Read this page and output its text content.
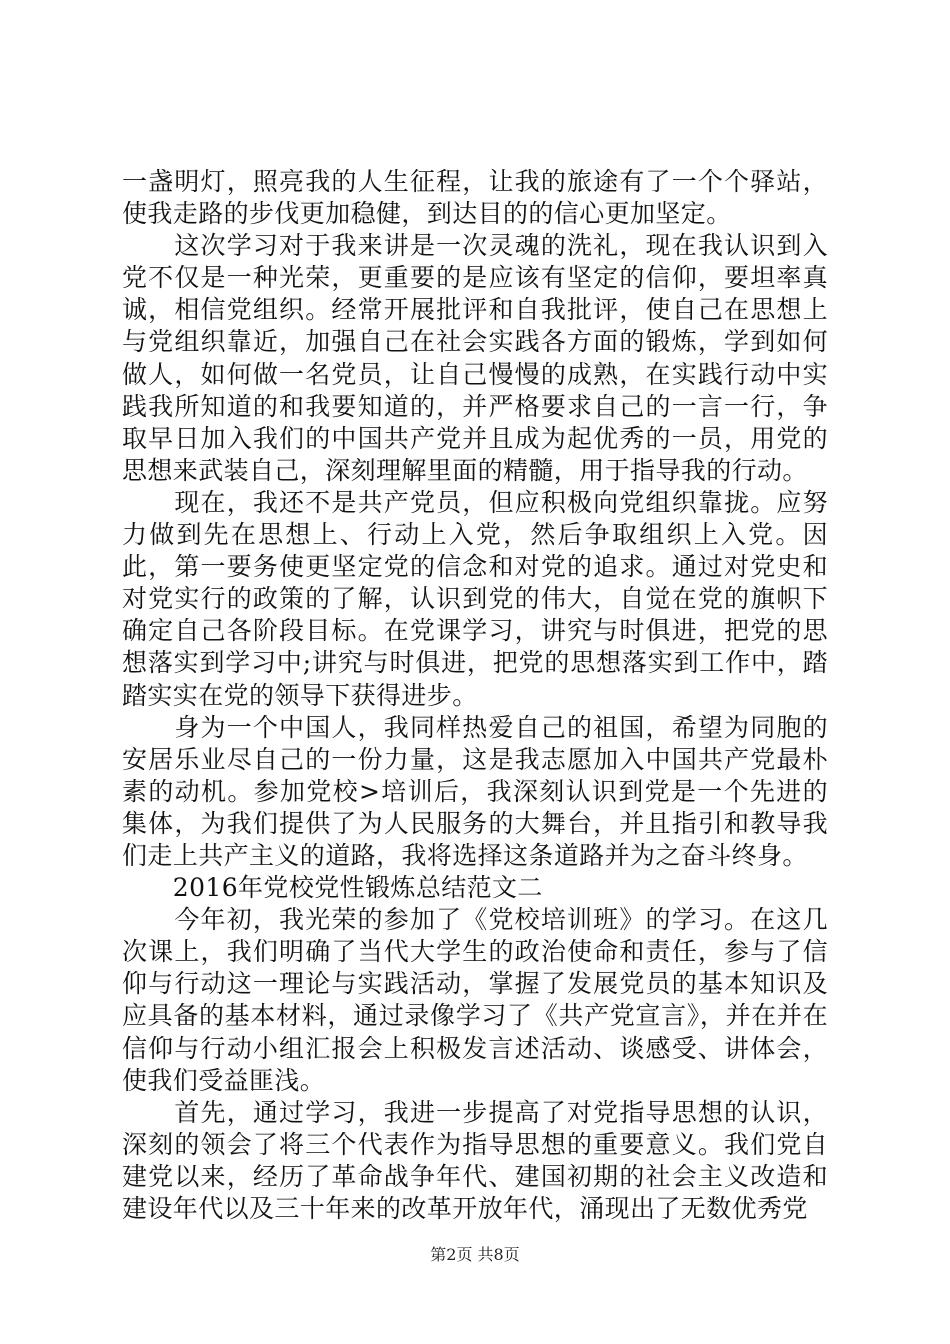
一盏明灯，照亮我的人生征程，让我的旅途有了一个个驿站，使我走路的步伐更加稳健，到达目的的信心更加坚定。

　　这次学习对于我来讲是一次灵魂的洗礼，现在我认识到入党不仅是一种光荣，更重要的是应该有坚定的信仰，要坦率真诚，相信党组织。经常开展批评和自我批评，使自己在思想上与党组织靠近，加强自己在社会实践各方面的锻炼，学到如何做人，如何做一名党员，让自己慢慢的成熟，在实践行动中实践我所知道的和我要知道的，并严格要求自己的一言一行，争取早日加入我们的中国共产党并且成为起优秀的一员，用党的思想来武装自己，深刻理解里面的精髓，用于指导我的行动。

　　现在，我还不是共产党员，但应积极向党组织靠拢。应努力做到先在思想上、行动上入党，然后争取组织上入党。因此，第一要务使更坚定党的信念和对党的追求。通过对党史和对党实行的政策的了解，认识到党的伟大，自觉在党的旗帜下确定自己各阶段目标。在党课学习，讲究与时俱进，把党的思想落实到学习中;讲究与时俱进，把党的思想落实到工作中，踏踏实实在党的领导下获得进步。

　　身为一个中国人，我同样热爱自己的祖国，希望为同胞的安居乐业尽自己的一份力量，这是我志愿加入中国共产党最朴素的动机。参加党校>培训后，我深刻认识到党是一个先进的集体，为我们提供了为人民服务的大舞台，并且指引和教导我们走上共产主义的道路，我将选择这条道路并为之奋斗终身。

　　2016年党校党性锻炼总结范文二

　　今年初，我光荣的参加了《党校培训班》的学习。在这几次课上，我们明确了当代大学生的政治使命和责任，参与了信仰与行动这一理论与实践活动，掌握了发展党员的基本知识及应具备的基本材料，通过录像学习了《共产党宣言》，并在并在信仰与行动小组汇报会上积极发言述活动、谈感受、讲体会，使我们受益匪浅。

　　首先，通过学习，我进一步提高了对党指导思想的认识，深刻的领会了将三个代表作为指导思想的重要意义。我们党自建党以来，经历了革命战争年代、建国初期的社会主义改造和建设年代以及三十年来的改革开放年代，涌现出了无数优秀党

第2页 共8页
